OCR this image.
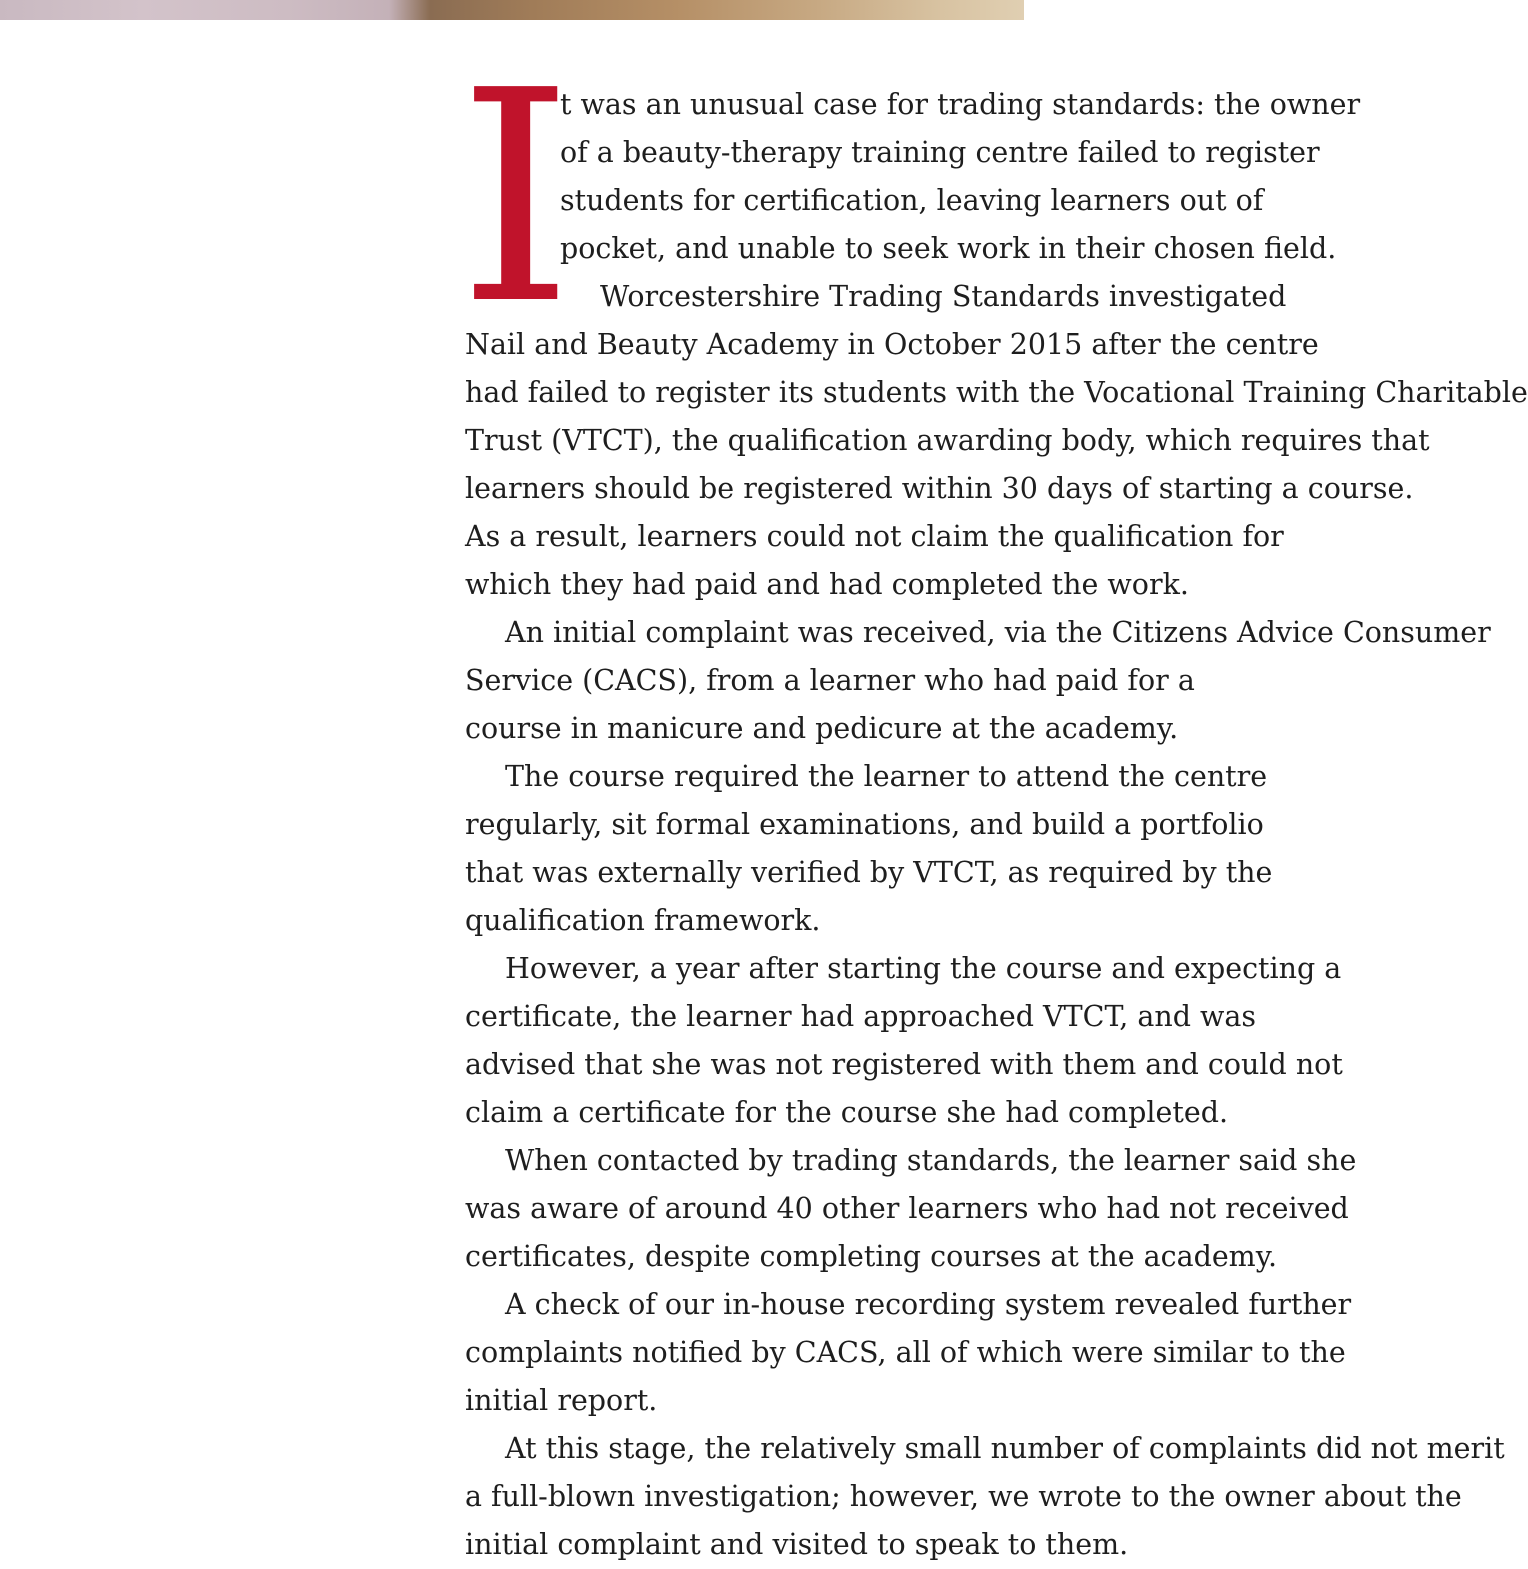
I
t was an unusual case for trading standards: the owner
of a beauty-therapy training centre failed to register
students for certification, leaving learners out of
pocket, and unable to seek work in their chosen field.
Worcestershire Trading Standards investigated
Nail and Beauty Academy in October 2015 after the centre
had failed to register its students with the Vocational Training Charitable
Trust (VTCT), the qualification awarding body, which requires that
learners should be registered within 30 days of starting a course.
As a result, learners could not claim the qualification for
which they had paid and had completed the work.
An initial complaint was received, via the Citizens Advice Consumer
Service (CACS), from a learner who had paid for a
course in manicure and pedicure at the academy.
The course required the learner to attend the centre
regularly, sit formal examinations, and build a portfolio
that was externally verified by VTCT, as required by the
qualification framework.
However, a year after starting the course and expecting a
certificate, the learner had approached VTCT, and was
advised that she was not registered with them and could not
claim a certificate for the course she had completed.
When contacted by trading standards, the learner said she
was aware of around 40 other learners who had not received
certificates, despite completing courses at the academy.
A check of our in-house recording system revealed further
complaints notified by CACS, all of which were similar to the
initial report.
At this stage, the relatively small number of complaints did not merit
a full-blown investigation; however, we wrote to the owner about the
initial complaint and visited to speak to them.
